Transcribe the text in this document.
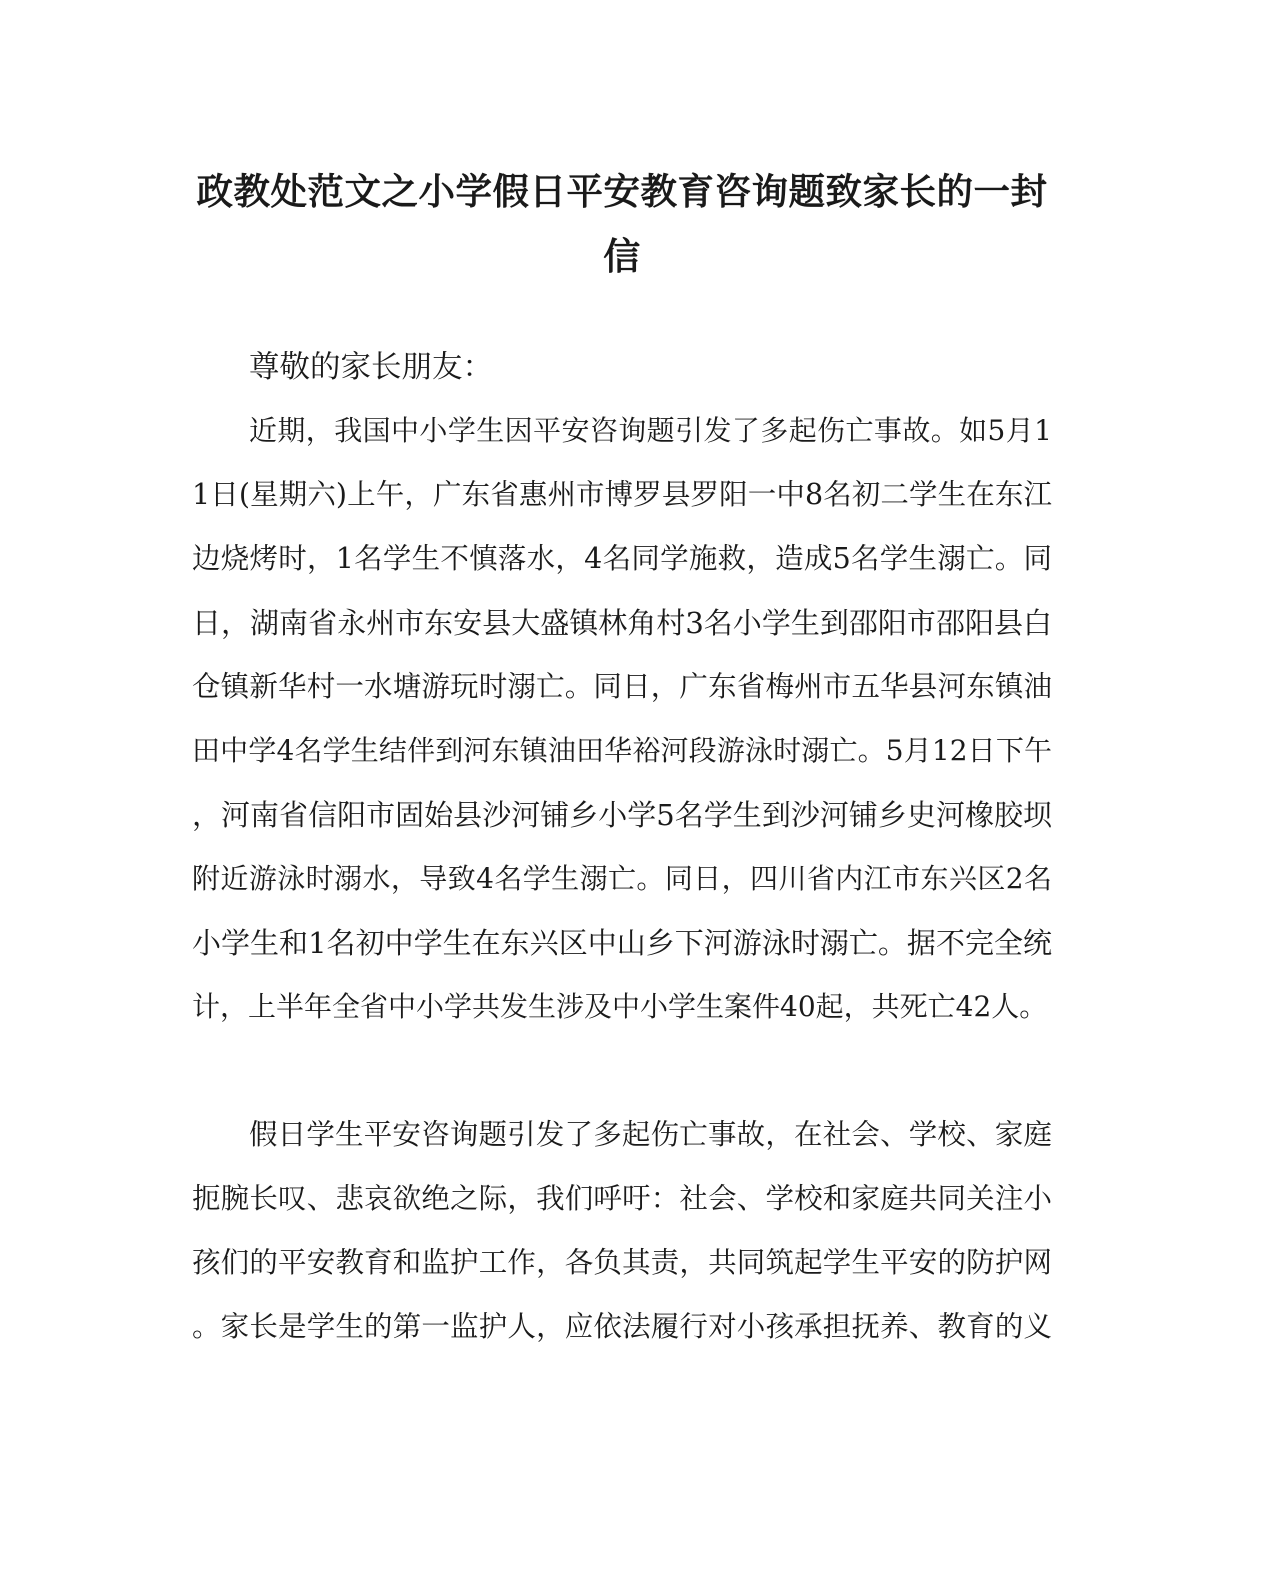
政教处范文之小学假日平安教育咨询题致家长的一封
信
尊敬的家长朋友：
近期，我国中小学生因平安咨询题引发了多起伤亡事故。如5月1
1日(星期六)上午，广东省惠州市博罗县罗阳一中8名初二学生在东江
边烧烤时，1名学生不慎落水，4名同学施救，造成5名学生溺亡。同
日，湖南省永州市东安县大盛镇林角村3名小学生到邵阳市邵阳县白
仓镇新华村一水塘游玩时溺亡。同日，广东省梅州市五华县河东镇油
田中学4名学生结伴到河东镇油田华裕河段游泳时溺亡。5月12日下午
，河南省信阳市固始县沙河铺乡小学5名学生到沙河铺乡史河橡胶坝
附近游泳时溺水，导致4名学生溺亡。同日，四川省内江市东兴区2名
小学生和1名初中学生在东兴区中山乡下河游泳时溺亡。据不完全统
计，上半年全省中小学共发生涉及中小学生案件40起，共死亡42人。
假日学生平安咨询题引发了多起伤亡事故，在社会、学校、家庭
扼腕长叹、悲哀欲绝之际，我们呼吁：社会、学校和家庭共同关注小
孩们的平安教育和监护工作，各负其责，共同筑起学生平安的防护网
。家长是学生的第一监护人，应依法履行对小孩承担抚养、教育的义
